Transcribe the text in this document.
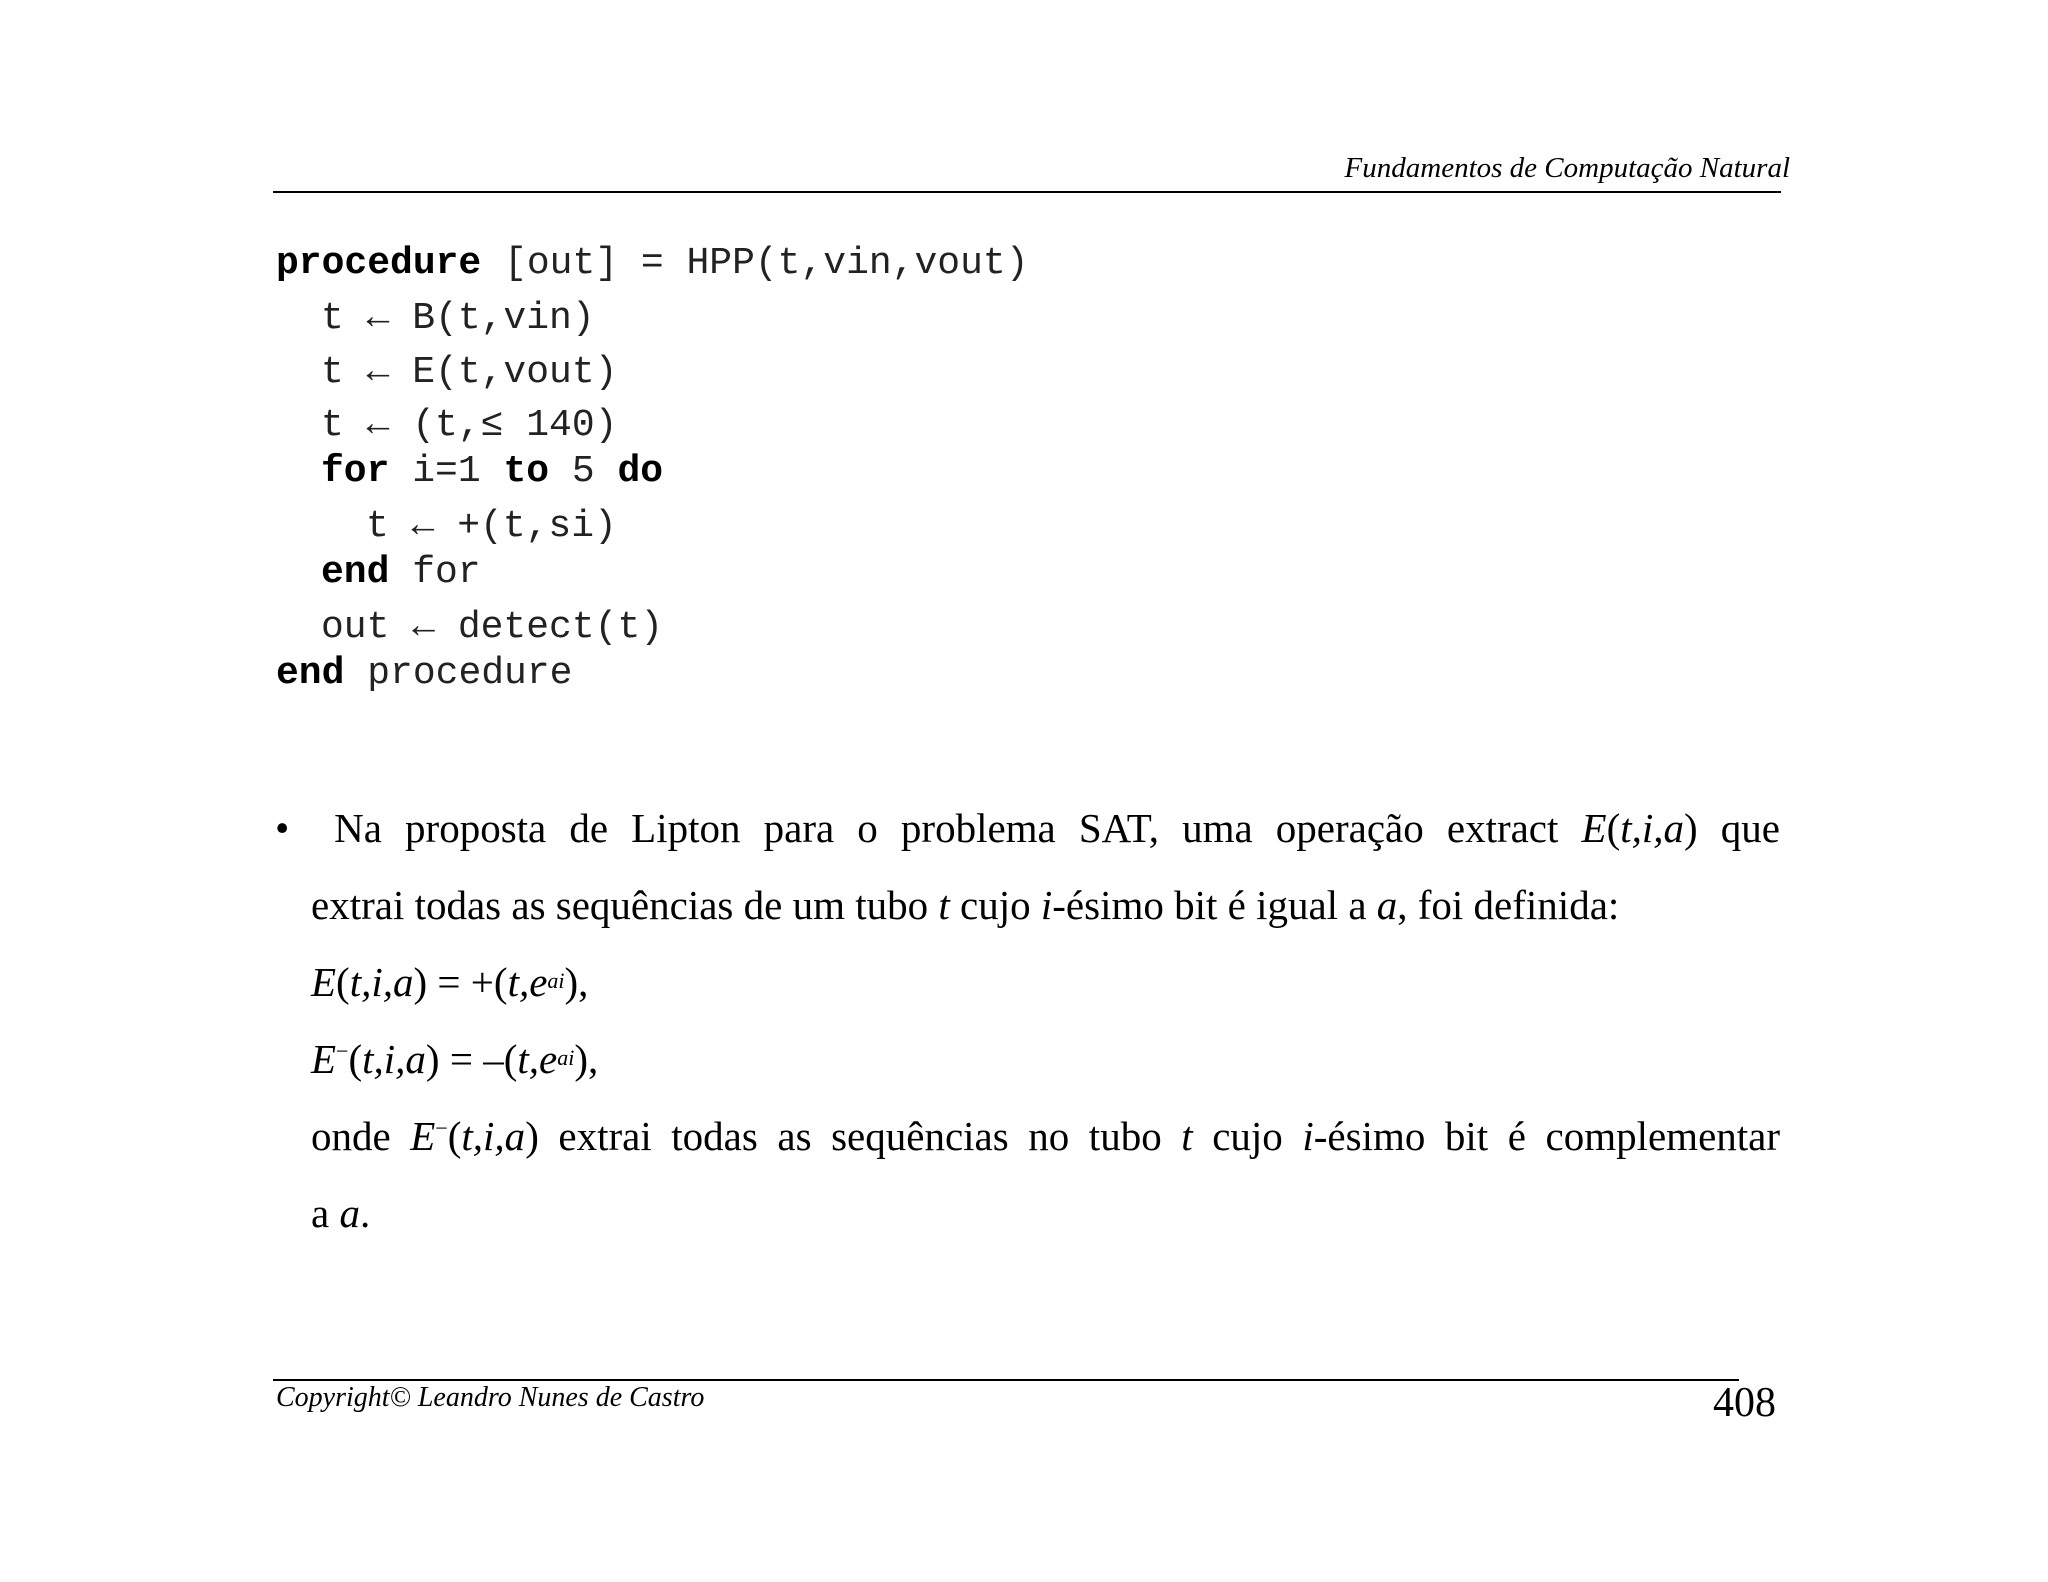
Fundamentos de Computação Natural

procedure [out] = HPP(t,vin,vout)

t ← B(t,vin)

t ← E(t,vout)

t ← (t,≤ 140)

for i=1 to 5 do

t ← +(t,si)

end for

out ← detect(t)

end procedure

• Na proposta de Lipton para o problema SAT, uma operação extract E(t,i,a) que
extrai todas as sequências de um tubo t cujo i-ésimo bit é igual a a, foi definida:
E(t,i,a) = +(t,eai),
E−(t,i,a) = –(t,eai),
onde E−(t,i,a) extrai todas as sequências no tubo t cujo i-ésimo bit é complementar
a a.
Copyright© Leandro Nunes de Castro	408
